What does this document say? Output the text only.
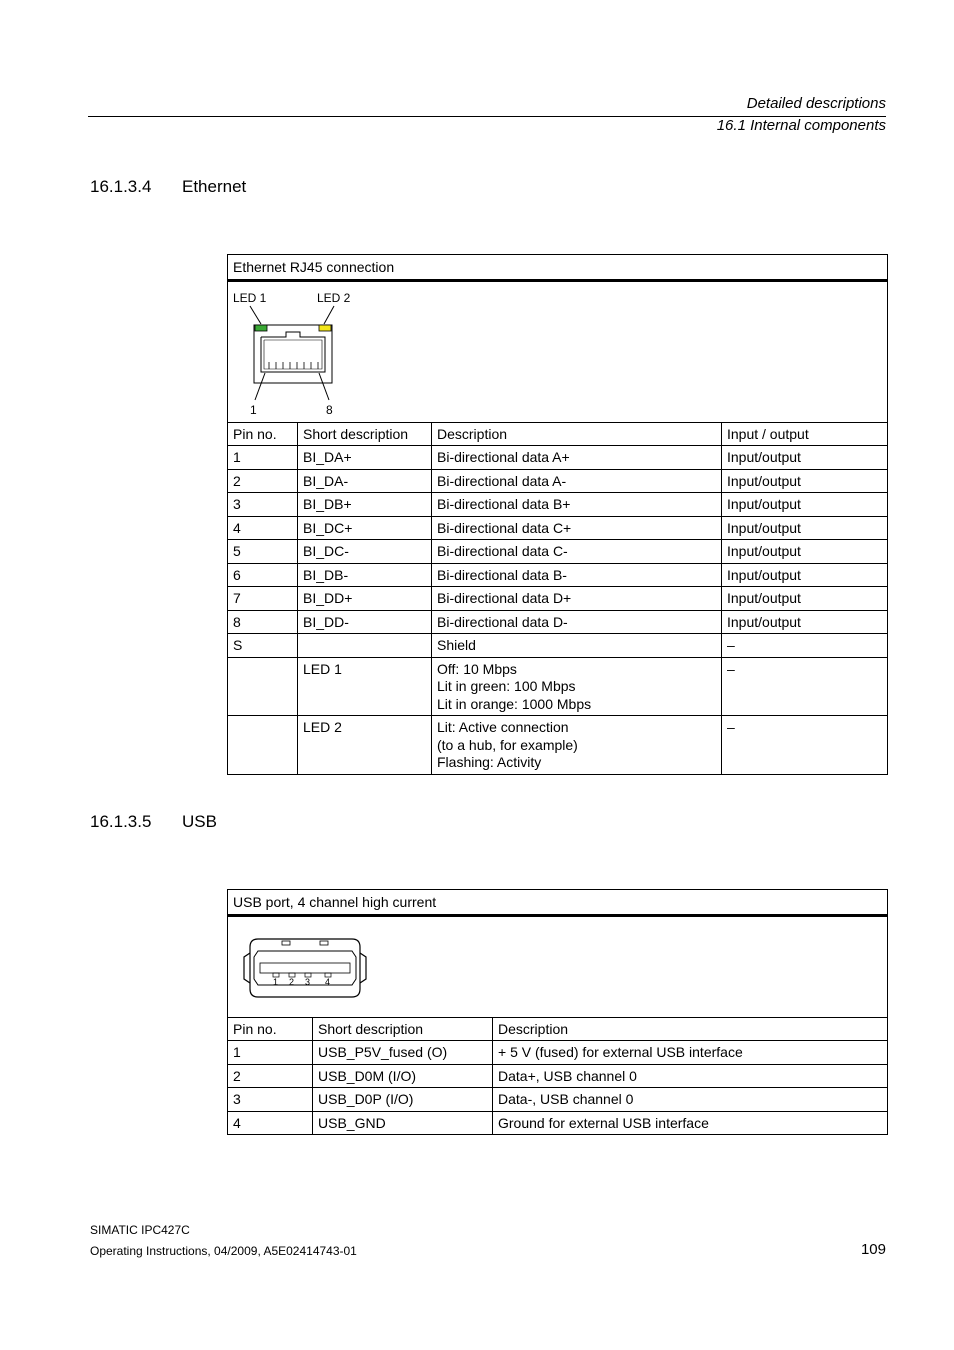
Detailed descriptions
16.1 Internal components
16.1.3.4 Ethernet
Ethernet RJ45 connection			

LED 1 LED 2
1 8			

Pin no.	Short description	Description	Input / output
1	BI_DA+	Bi-directional data A+	Input/output
2	BI_DA-	Bi-directional data A-	Input/output
3	BI_DB+	Bi-directional data B+	Input/output
4	BI_DC+	Bi-directional data C+	Input/output
5	BI_DC-	Bi-directional data C-	Input/output
6	BI_DB-	Bi-directional data B-	Input/output
7	BI_DD+	Bi-directional data D+	Input/output
8	BI_DD-	Bi-directional data D-	Input/output
S		Shield	–
	LED 1	Off: 10 Mbps
Lit in green: 100 Mbps
Lit in orange: 1000 Mbps	–
	LED 2	Lit: Active connection
(to a hub, for example)
Flashing: Activity	–
16.1.3.5 USB
USB port, 4 channel high current		

1 2 3 4		

Pin no.	Short description	Description
1	USB_P5V_fused (O)	+ 5 V (fused) for external USB interface
2	USB_D0M (I/O)	Data+, USB channel 0
3	USB_D0P (I/O)	Data-, USB channel 0
4	USB_GND	Ground for external USB interface
SIMATIC IPC427C
Operating Instructions, 04/2009, A5E02414743-01	109
